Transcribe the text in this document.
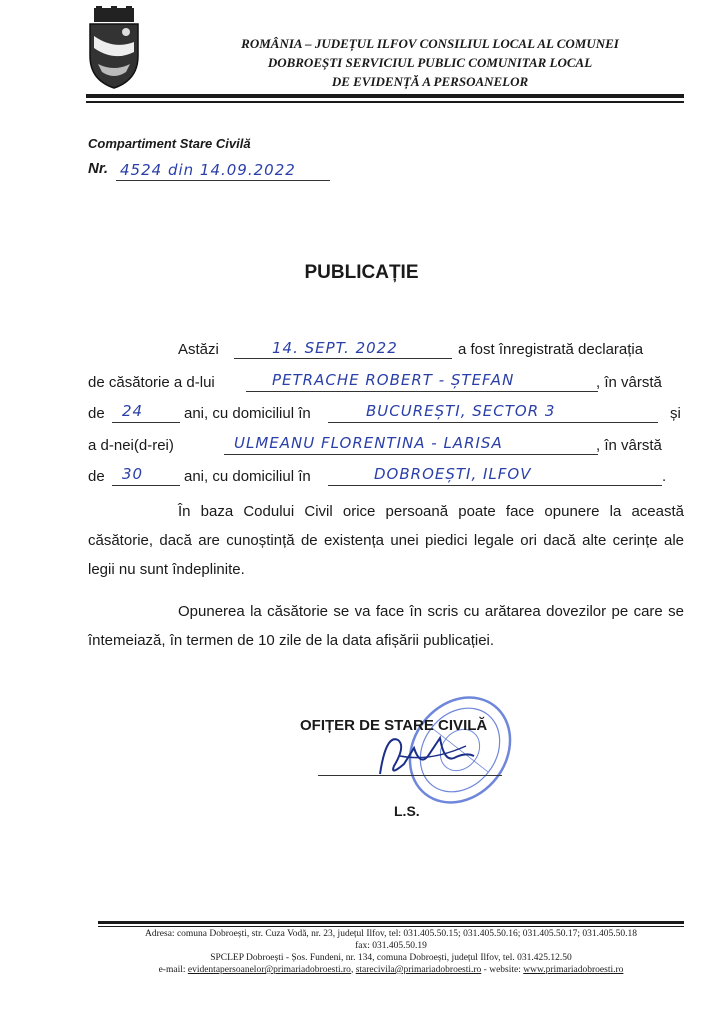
ROMÂNIA – JUDEȚUL ILFOV CONSILIUL LOCAL AL COMUNEI
DOBROEȘTI SERVICIUL PUBLIC COMUNITAR LOCAL
DE EVIDENȚĂ A PERSOANELOR
Compartiment Stare Civilă
Nr. 4524 din 14.09.2022
PUBLICAȚIE
Astăzi	14. SEPT. 2022	a fost înregistrată declarația
de căsătorie a d-lui	PETRACHE ROBERT - ȘTEFAN	, în vârstă
de 24	ani, cu domiciliul în	BUCUREȘTI, SECTOR 3	și
a d-nei(d-rei)	ULMEANU FLORENTINA - LARISA	, în vârstă
de 30	ani, cu domiciliul în	DOBROEȘTI, ILFOV	.
În baza Codului Civil orice persoană poate face opunere la această căsătorie, dacă are cunoștință de existența unei piedici legale ori dacă alte cerințe ale legii nu sunt îndeplinite.
Opunerea la căsătorie se va face în scris cu arătarea dovezilor pe care se întemeiază, în termen de 10 zile de la data afișării publicației.
OFIȚER DE STARE CIVILĂ
L.S.
Adresa: comuna Dobroești, str. Cuza Vodă, nr. 23, județul Ilfov, tel: 031.405.50.15; 031.405.50.16; 031.405.50.17; 031.405.50.18
fax: 031.405.50.19
SPCLEP Dobroești - Șos. Fundeni, nr. 134, comuna Dobroești, județul Ilfov, tel. 031.425.12.50
e-mail: evidentapersoanelor@primariadobroesti.ro, starecivila@primariadobroesti.ro - website: www.primariadobroesti.ro
